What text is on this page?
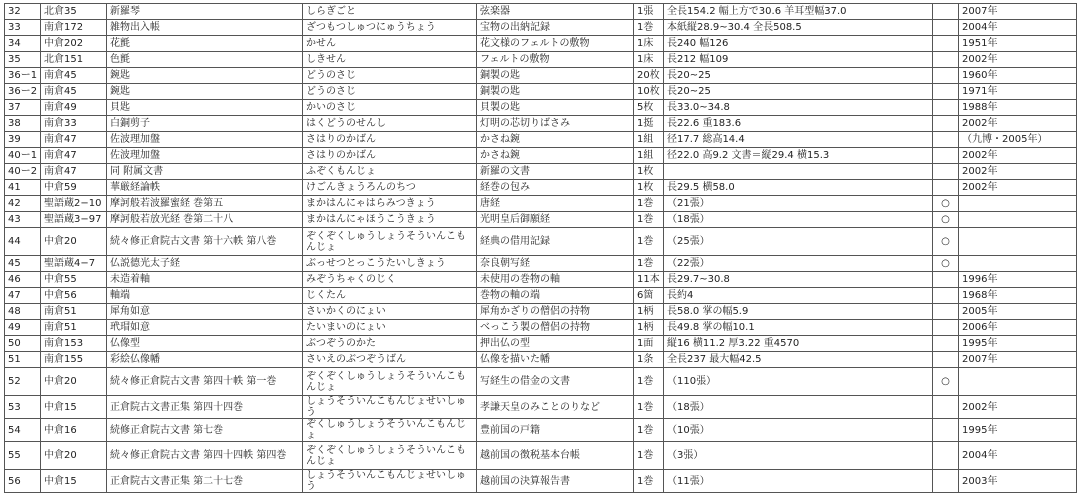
32	北倉35	新羅琴	しらぎごと	弦楽器	1張	全長154.2 幅上方で30.6 羊耳型幅37.0		2007年
33	南倉172	雑物出入帳	ざつもつしゅつにゅうちょう	宝物の出納記録	1巻	本紙縦28.9~30.4 全長508.5		2004年
34	中倉202	花氈	かせん	花文様のフェルトの敷物	1床	長240 幅126		1951年
35	北倉151	色氈	しきせん	フェルトの敷物	1床	長212 幅109		2002年
36ー1	南倉45	鋺匙	どうのさじ	銅製の匙	20枚	長20~25		1960年
36ー2	南倉45	鋺匙	どうのさじ	銅製の匙	10枚	長20~25		1971年
37	南倉49	貝匙	かいのさじ	貝製の匙	5枚	長33.0~34.8		1988年
38	南倉33	白銅剪子	はくどうのせんし	灯明の芯切りばさみ	1挺	長22.6 重183.6		2002年
39	南倉47	佐波理加盤	さはりのかばん	かさね鋺	1組	径17.7 総高14.4		（九博・2005年）
40ー1	南倉47	佐波理加盤	さはりのかばん	かさね鋺	1組	径22.0 高9.2 文書＝縦29.4 横15.3		2002年
40ー2	南倉47	同 附属文書	ふぞくもんじょ	新羅の文書	1枚			2002年
41	中倉59	華厳経論帙	けごんきょうろんのちつ	経巻の包み	1枚	長29.5 横58.0		2002年
42	聖語蔵2−10	摩訶般若波羅蜜経 巻第五	まかはんにゃはらみつきょう	唐経	1巻	（21張）	○	
43	聖語蔵3−97	摩訶般若放光経 巻第二十八	まかはんにゃほうこうきょう	光明皇后御願経	1巻	（18張）	○	
44	中倉20	続々修正倉院古文書 第十六帙 第八巻	ぞくぞくしゅうしょうそういんこもんじょ	経典の借用記録	1巻	（25張）	○	
45	聖語蔵4−7	仏説德光太子経	ぶっせつとっこうたいしきょう	奈良朝写経	1巻	（22張）	○	
46	中倉55	未造着軸	みぞうちゃくのじく	未使用の巻物の軸	11本	長29.7~30.8		1996年
47	中倉56	軸端	じくたん	巻物の軸の端	6箇	長約4		1968年
48	南倉51	犀角如意	さいかくのにょい	犀角かざりの僧侶の持物	1柄	長58.0 掌の幅5.9		2005年
49	南倉51	玳瑁如意	たいまいのにょい	べっこう製の僧侶の持物	1柄	長49.8 掌の幅10.1		2006年
50	南倉153	仏像型	ぶつぞうのかた	押出仏の型	1面	縦16 横11.2 厚3.22 重4570		1995年
51	南倉155	彩絵仏像幡	さいえのぶつぞうばん	仏像を描いた幡	1条	全長237 最大幅42.5		2007年
52	中倉20	続々修正倉院古文書 第四十帙 第一巻	ぞくぞくしゅうしょうそういんこもんじょ	写経生の借金の文書	1巻	（110張）	○	
53	中倉15	正倉院古文書正集 第四十四巻	しょうそういんこもんじょせいしゅう	孝謙天皇のみことのりなど	1巻	（18張）		2002年
54	中倉16	続修正倉院古文書 第七巻	ぞくしゅうしょうそういんこもんじょ	豊前国の戸籍	1巻	（10張）		1995年
55	中倉20	続々修正倉院古文書 第四十四帙 第四巻	ぞくぞくしゅうしょうそういんこもんじょ	越前国の徴税基本台帳	1巻	（3張）		2004年
56	中倉15	正倉院古文書正集 第二十七巻	しょうそういんこもんじょせいしゅう	越前国の決算報告書	1巻	（11張）		2003年
